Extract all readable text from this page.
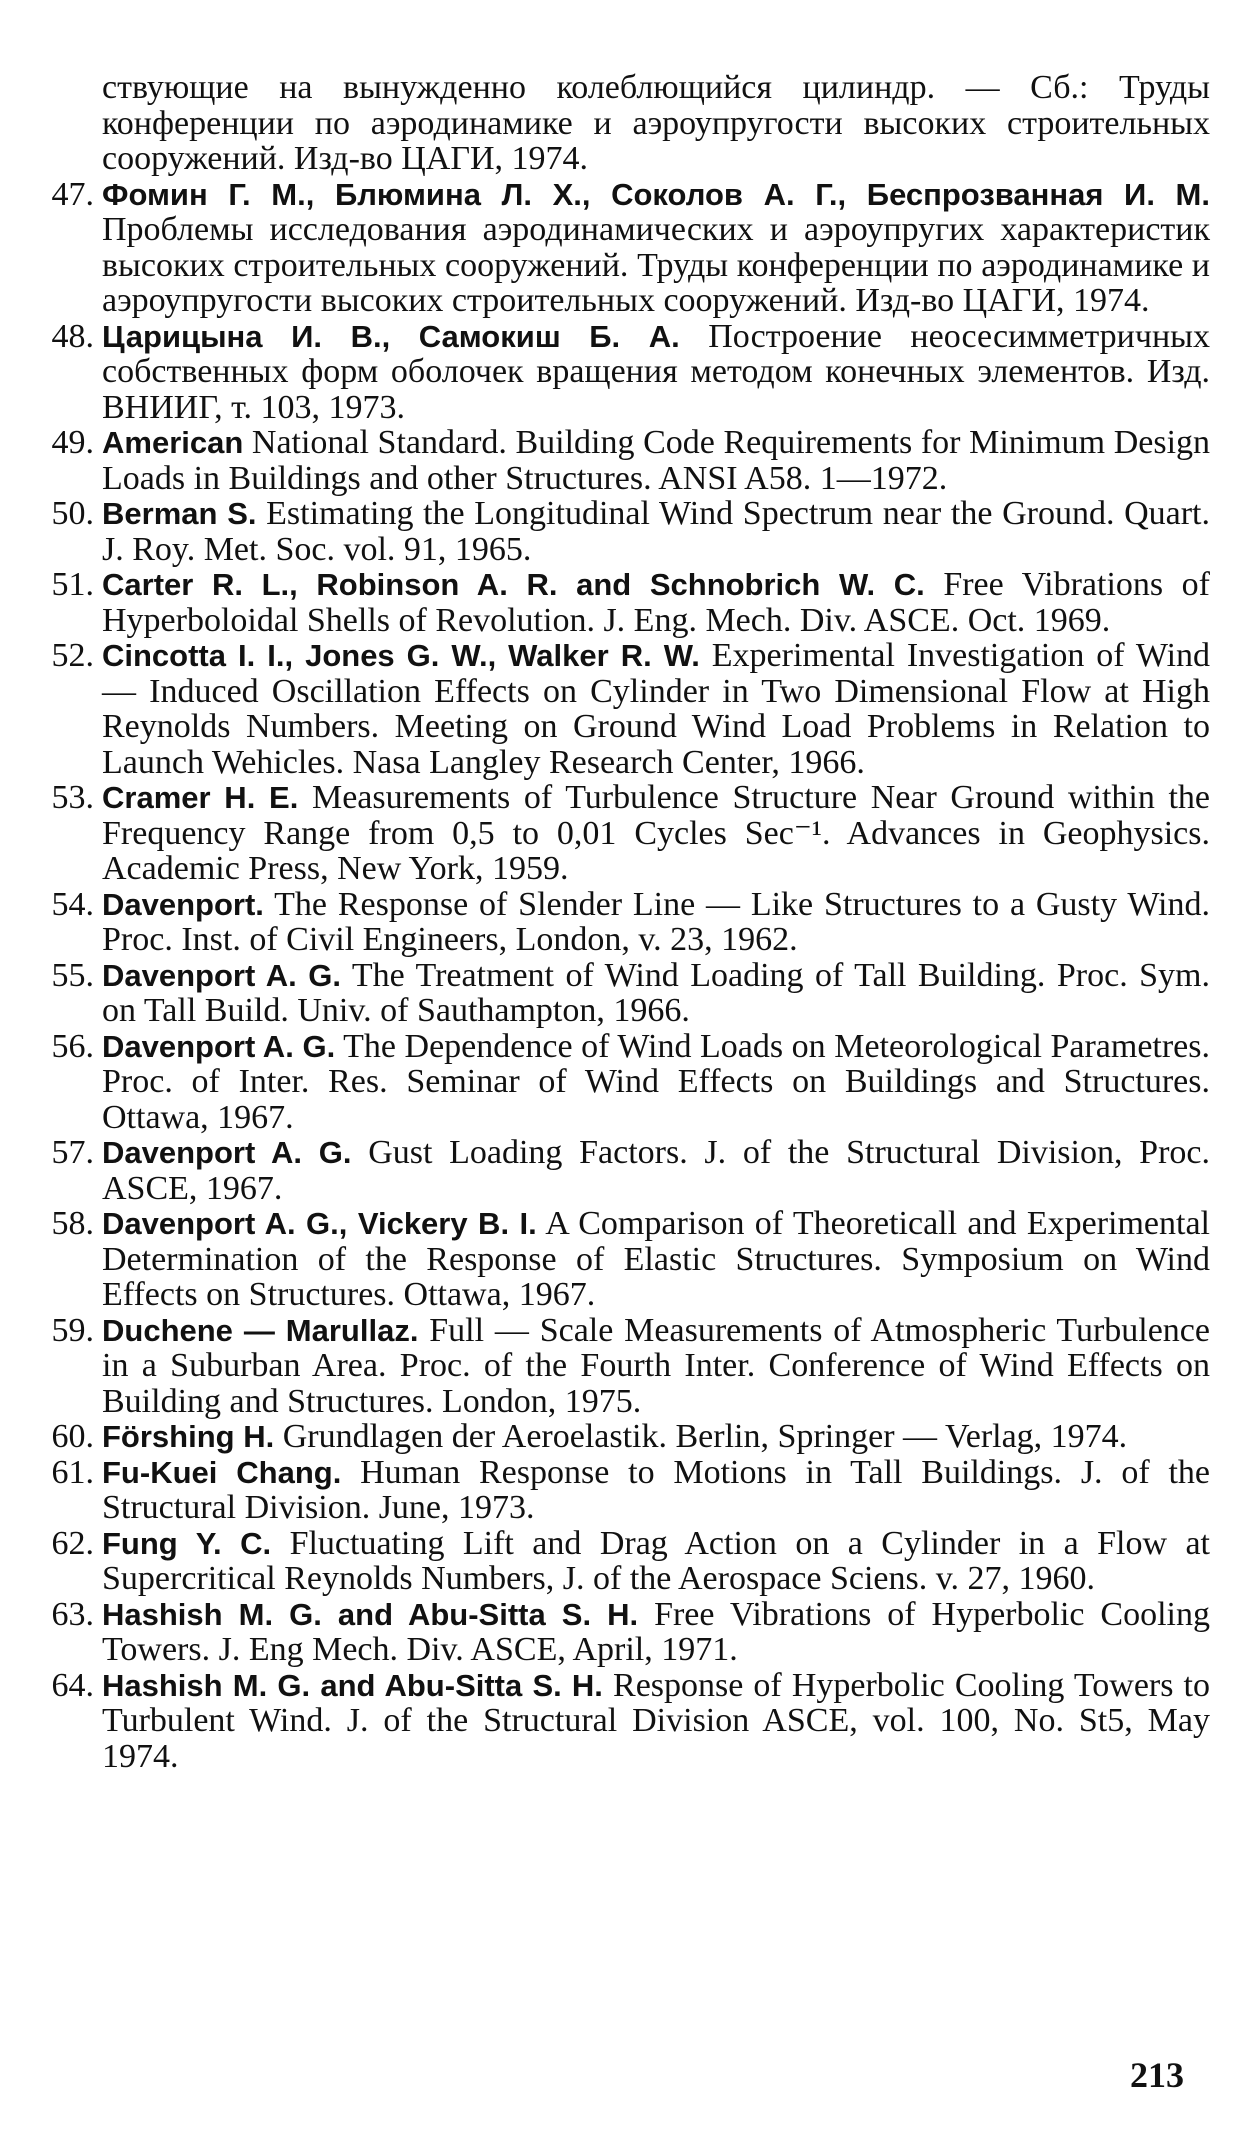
ствующие на вынужденно колеблющийся цилиндр. — Сб.: Труды конференции по аэродинамике и аэроупругости высоких строительных сооружений. Изд-во ЦАГИ, 1974.

47. Фомин Г. М., Блюмина Л. Х., Соколов А. Г., Беспрозванная И. М. Проблемы исследования аэродинамических и аэроупругих характеристик высоких строительных сооружений. Труды конференции по аэродинамике и аэроупругости высоких строительных сооружений. Изд-во ЦАГИ, 1974.

48. Царицына И. В., Самокиш Б. А. Построение неосесимметричных собственных форм оболочек вращения методом конечных элементов. Изд. ВНИИГ, т. 103, 1973.

49. American National Standard. Building Code Requirements for Minimum Design Loads in Buildings and other Structures. ANSI A58. 1—1972.

50. Berman S. Estimating the Longitudinal Wind Spectrum near the Ground. Quart. J. Roy. Met. Soc. vol. 91, 1965.

51. Carter R. L., Robinson A. R. and Schnobrich W. C. Free Vibrations of Hyperboloidal Shells of Revolution. J. Eng. Mech. Div. ASCE. Oct. 1969.

52. Cincotta I. I., Jones G. W., Walker R. W. Experimental Investigation of Wind — Induced Oscillation Effects on Cylinder in Two Dimensional Flow at High Reynolds Numbers. Meeting on Ground Wind Load Problems in Relation to Launch Wehicles. Nasa Langley Research Center, 1966.

53. Cramer H. E. Measurements of Turbulence Structure Near Ground within the Frequency Range from 0,5 to 0,01 Cycles Sec⁻¹. Advances in Geophysics. Academic Press, New York, 1959.

54. Davenport. The Response of Slender Line — Like Structures to a Gusty Wind. Proc. Inst. of Civil Engineers, London, v. 23, 1962.

55. Davenport A. G. The Treatment of Wind Loading of Tall Building. Proc. Sym. on Tall Build. Univ. of Sauthampton, 1966.

56. Davenport A. G. The Dependence of Wind Loads on Meteorological Parametres. Proc. of Inter. Res. Seminar of Wind Effects on Buildings and Structures. Ottawa, 1967.

57. Davenport A. G. Gust Loading Factors. J. of the Structural Division, Proc. ASCE, 1967.

58. Davenport A. G., Vickery B. I. A Comparison of Theoreticall and Experimental Determination of the Response of Elastic Structures. Symposium on Wind Effects on Structures. Ottawa, 1967.

59. Duchene — Marullaz. Full — Scale Measurements of Atmospheric Turbulence in a Suburban Area. Proc. of the Fourth Inter. Conference of Wind Effects on Building and Structures. London, 1975.

60. Förshing H. Grundlagen der Aeroelastik. Berlin, Springer — Verlag, 1974.

61. Fu-Kuei Chang. Human Response to Motions in Tall Buildings. J. of the Structural Division. June, 1973.

62. Fung Y. C. Fluctuating Lift and Drag Action on a Cylinder in a Flow at Supercritical Reynolds Numbers, J. of the Aerospace Sciens. v. 27, 1960.

63. Hashish M. G. and Abu-Sitta S. H. Free Vibrations of Hyperbolic Cooling Towers. J. Eng Mech. Div. ASCE, April, 1971.

64. Hashish M. G. and Abu-Sitta S. H. Response of Hyperbolic Cooling Towers to Turbulent Wind. J. of the Structural Division ASCE, vol. 100, No. St5, May 1974.

213
